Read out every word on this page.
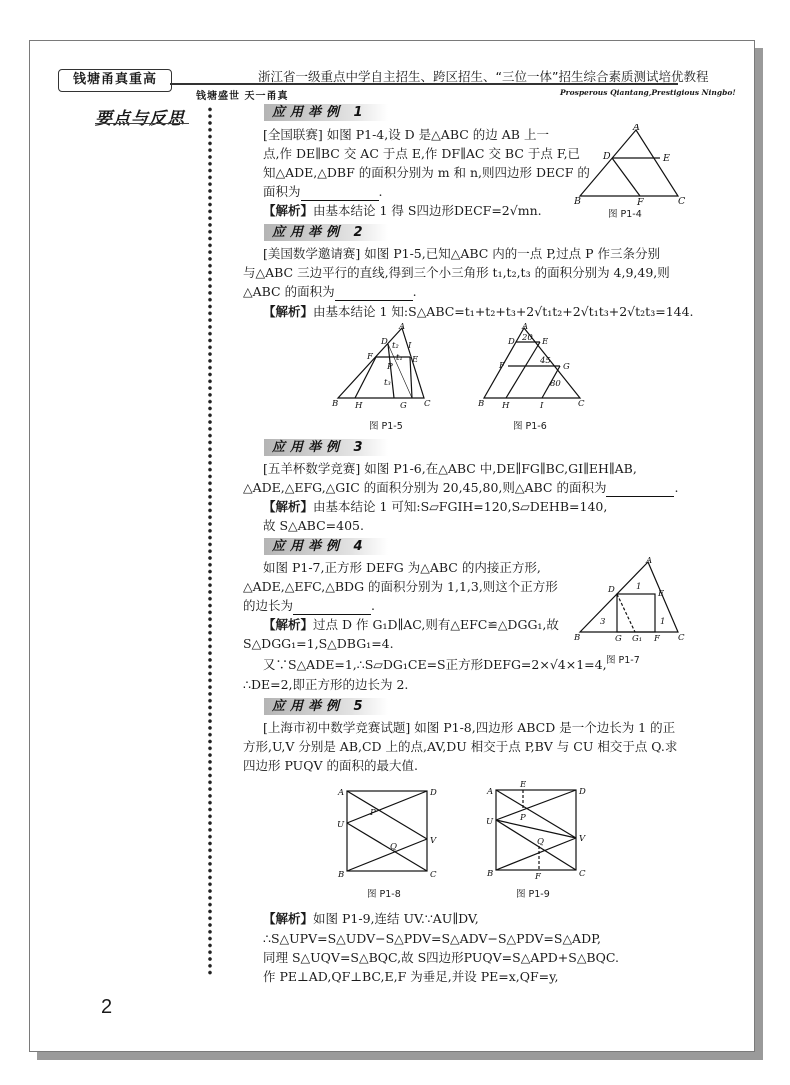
钱塘甬真重高
钱塘盛世 天一甬真
浙江省一级重点中学自主招生、跨区招生、“三位一体”招生综合素质测试培优教程
Prosperous Qiantang,Prestigious Ningbo!
要点与反思	应用举例 1
[全国联赛] 如图 P1-4,设 D 是△ABC 的边 AB 上一
点,作 DE∥BC 交 AC 于点 E,作 DF∥AC 交 BC 于点 F,已
知△ADE,△DBF 的面积分别为 m 和 n,则四边形 DECF 的
面积为	.
【解析】由基本结论 1 得 S四边形DECF=2√mn.
A
D	E
B	F	C
图 P1-4
应用举例 2
[美国数学邀请赛] 如图 P1-5,已知△ABC 内的一点 P,过点 P 作三条分别
与△ABC 三边平行的直线,得到三个小三角形 t₁,t₂,t₃ 的面积分别为 4,9,49,则
△ABC 的面积为	.
【解析】由基本结论 1 知:S△ABC=t₁+t₂+t₃+2√t₁t₂+2√t₁t₃+2√t₂t₃=144.
A
D I
t₂
F	E
P
t₁
t₃
B H	G C
图 P1-5
A
D 20 E
45
F	G
80
B H	I	C
图 P1-6
应用举例 3
[五羊杯数学竞赛] 如图 P1-6,在△ABC 中,DE∥FG∥BC,GI∥EH∥AB,
△ADE,△EFG,△GIC 的面积分别为 20,45,80,则△ABC 的面积为	.
【解析】由基本结论 1 可知:S▱FGIH=120,S▱DEHB=140,
故 S△ABC=405.
应用举例 4
如图 P1-7,正方形 DEFG 为△ABC 的内接正方形,
△ADE,△EFC,△BDG 的面积分别为 1,1,3,则这个正方形
的边长为	.
【解析】过点 D 作 G₁D∥AC,则有△EFC≌△DGG₁,故
S△DGG₁=1,S△DBG₁=4.
又∵S△ADE=1,∴S▱DG₁CE=S正方形DEFG=2×√4×1=4,
∴DE=2,即正方形的边长为 2.
A
D 1
E
3
B	G G₁
1
F C
图 P1-7
应用举例 5
[上海市初中数学竞赛试题] 如图 P1-8,四边形 ABCD 是一个边长为 1 的正
方形,U,V 分别是 AB,CD 上的点,AV,DU 相交于点 P,BV 与 CU 相交于点 Q.求
四边形 PUQV 的面积的最大值.
A	D
U
P
Q
V
B	C
图 P1-8
A
E
D
U	P
Q	V
B	F	C
图 P1-9
【解析】如图 P1-9,连结 UV.∵AU∥DV,
∴S△UPV=S△UDV−S△PDV=S△ADV−S△PDV=S△ADP,
同理 S△UQV=S△BQC,故 S四边形PUQV=S△APD+S△BQC.
作 PE⊥AD,QF⊥BC,E,F 为垂足,并设 PE=x,QF=y,
2
